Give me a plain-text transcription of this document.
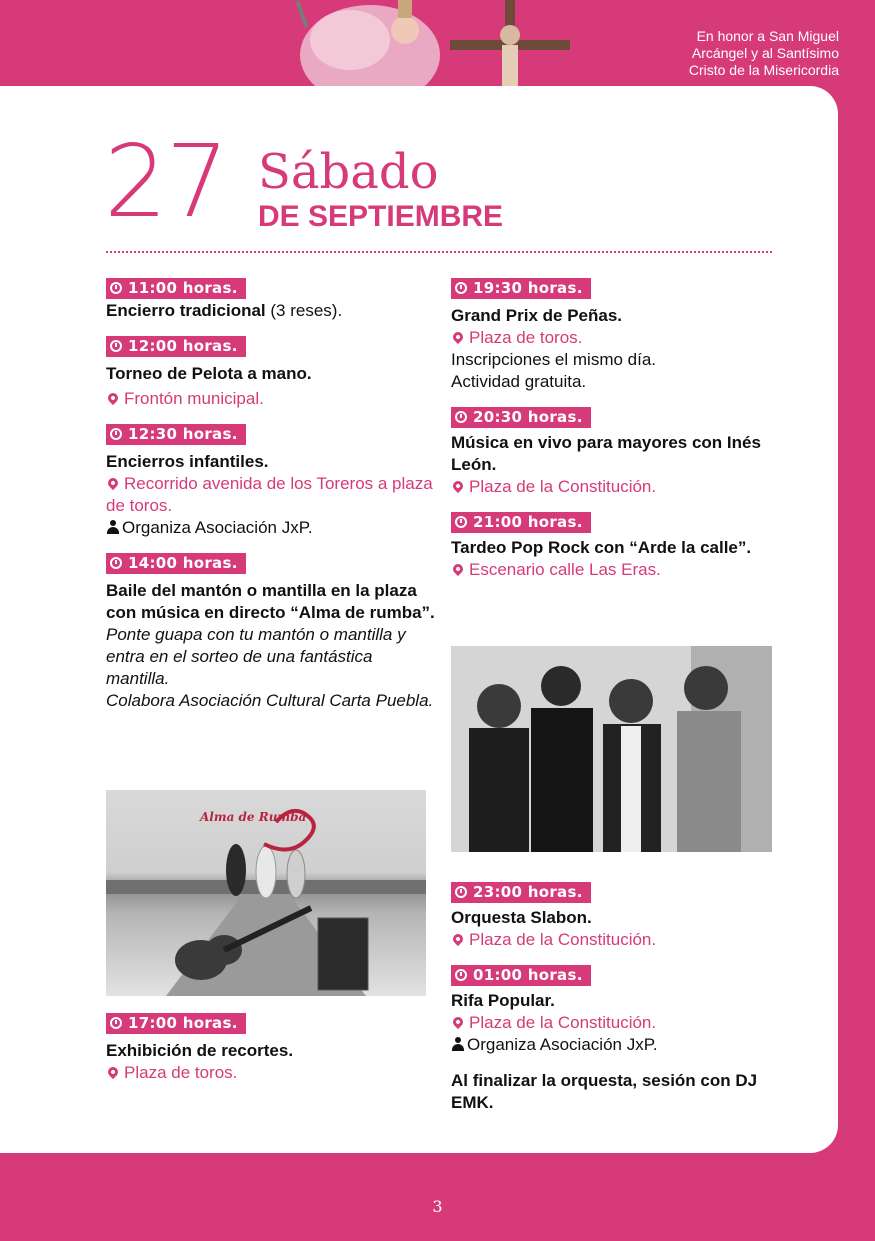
En honor a San Miguel
Arcángel y al Santísimo
Cristo de la Misericordia
27 Sábado
DE SEPTIEMBRE
11:00 horas.
Encierro tradicional (3 reses).
12:00 horas.
Torneo de Pelota a mano.
Frontón municipal.
12:30 horas.
Encierros infantiles.
Recorrido avenida de los Toreros a plaza de toros.
Organiza Asociación JxP.
14:00 horas.
Baile del mantón o mantilla en la plaza con música en directo “Alma de rumba”.
Ponte guapa con tu mantón o mantilla y entra en el sorteo de una fantástica mantilla.
Colabora Asociación Cultural Carta Puebla.
Alma de Rumba
17:00 horas.
Exhibición de recortes.
Plaza de toros.
19:30 horas.
Grand Prix de Peñas.
Plaza de toros.
Inscripciones el mismo día.
Actividad gratuita.
20:30 horas.
Música en vivo para mayores con Inés León.
Plaza de la Constitución.
21:00 horas.
Tardeo Pop Rock con “Arde la calle”.
Escenario calle Las Eras.
23:00 horas.
Orquesta Slabon.
Plaza de la Constitución.
01:00 horas.
Rifa Popular.
Plaza de la Constitución.
Organiza Asociación JxP.
Al finalizar la orquesta, sesión con DJ EMK.
3
